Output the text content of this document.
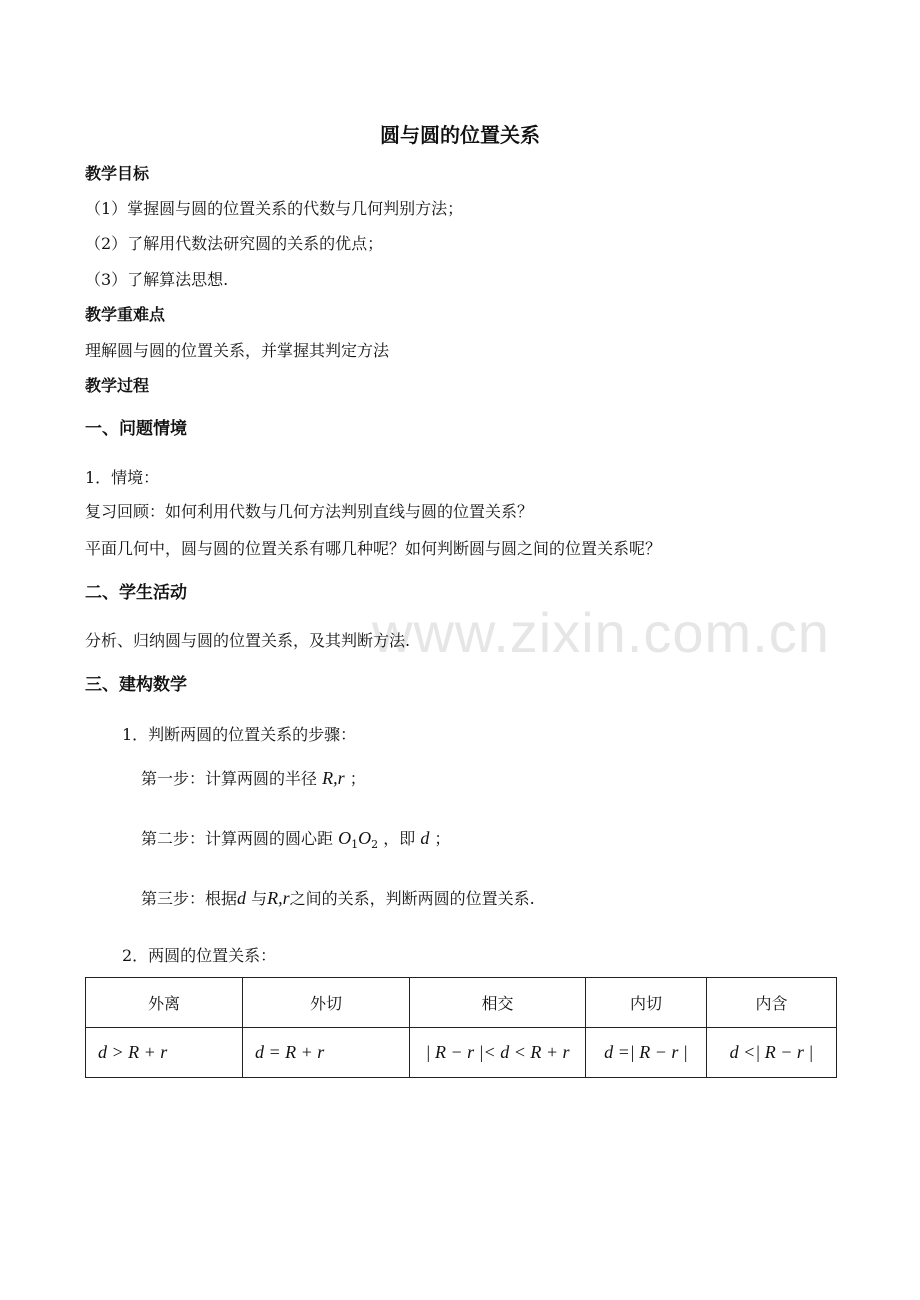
www.zixin.com.cn
圆与圆的位置关系
教学目标
（1）掌握圆与圆的位置关系的代数与几何判别方法；
（2）了解用代数法研究圆的关系的优点；
（3）了解算法思想.
教学重难点
理解圆与圆的位置关系，并掌握其判定方法
教学过程
一、问题情境
1．情境：
复习回顾：如何利用代数与几何方法判别直线与圆的位置关系？
平面几何中，圆与圆的位置关系有哪几种呢？如何判断圆与圆之间的位置关系呢？
二、学生活动
分析、归纳圆与圆的位置关系，及其判断方法.
三、建构数学
1．判断两圆的位置关系的步骤：
第一步：计算两圆的半径 R,r ；
第二步：计算两圆的圆心距 $O_1O_2$ ，即 d ；
第三步：根据d 与R,r之间的关系，判断两圆的位置关系.
2．两圆的位置关系：
外离	外切	相交	内切	内含
d > R + r	d = R + r	| R − r |< d < R + r	d =| R − r |	d <| R − r |
